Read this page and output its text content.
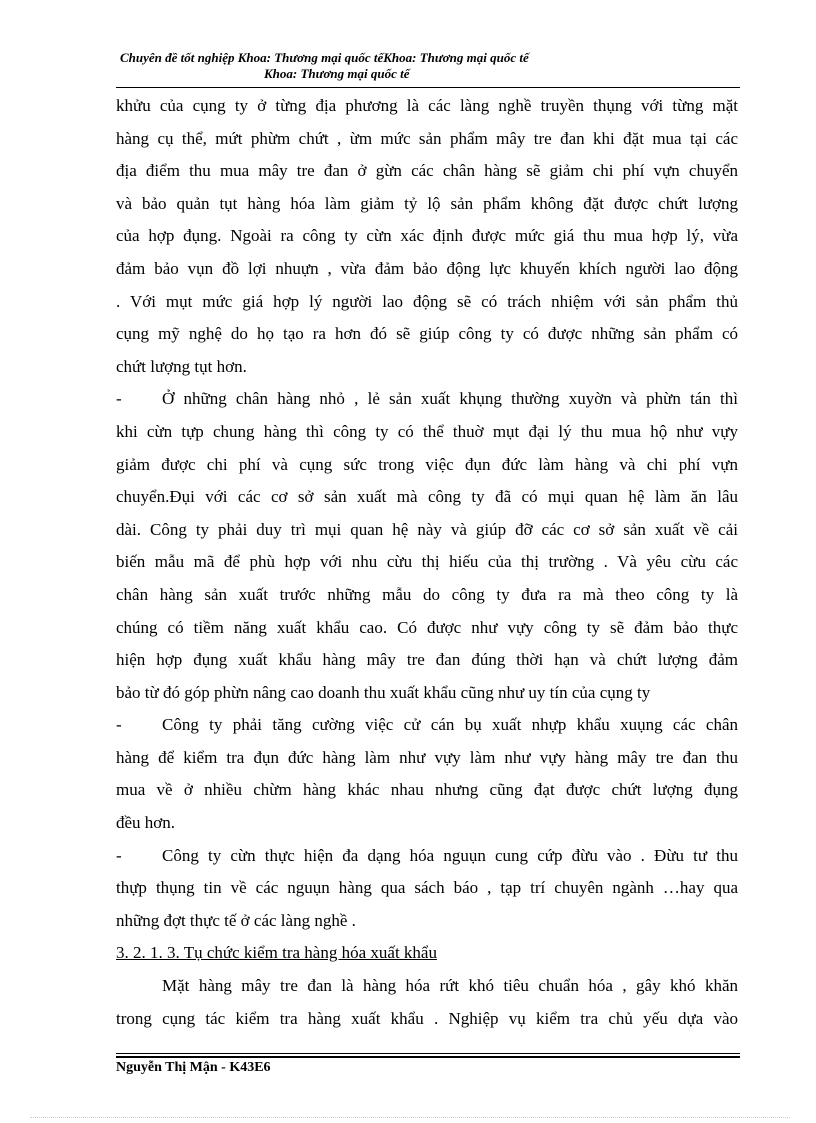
Chuyên đề tốt nghiệp Khoa: Thương mại quốc tếKhoa: Thương mại quốc tế
Khoa: Thương mại quốc tế
khửu của cụng ty ở từng địa phương là các làng nghề truyền thụng với từng mặt
hàng cụ thể, mứt phừm chứt , ừm mức sản phẩm mây tre đan khi đặt mua tại các
địa điểm thu mua mây tre đan ở gừn các chân hàng sẽ giảm chi phí vựn chuyển
và bảo quản tụt hàng hóa làm giảm tỷ lộ sản phẩm không đặt được chứt lượng
của hợp đụng. Ngoài ra công ty cừn xác định được mức giá thu mua hợp lý, vừa
đảm bảo vụn đồ lợi nhuựn , vừa đảm bảo động lực khuyến khích người lao động
. Với mụt mức giá hợp lý người lao động sẽ có trách nhiệm với sản phẩm thủ
cụng mỹ nghệ do họ tạo ra hơn đó sẽ giúp công ty có được những sản phẩm có
chứt lượng tụt hơn.
- Ở những chân hàng nhỏ , lẻ sản xuất khụng thường xuyờn và phừn tán thì
khi cừn tựp chung hàng thì công ty có thể thuờ mụt đại lý thu mua hộ như vựy
giảm được chi phí và cụng sức trong việc đụn đức làm hàng và chi phí vựn
chuyển.Đụi với các cơ sở sản xuất mà công ty đã có mụi quan hệ làm ăn lâu
dài. Công ty phải duy trì mụi quan hệ này và giúp đỡ các cơ sở sản xuất về cải
biến mẫu mã để phù hợp với nhu cừu thị hiếu của thị trường . Và yêu cừu các
chân hàng sản xuất trước những mẫu do công ty đưa ra mà theo công ty là
chúng có tiềm năng xuất khẩu cao. Có được như vựy công ty sẽ đảm bảo thực
hiện hợp đụng xuất khẩu hàng mây tre đan đúng thời hạn và chứt lượng đảm
bảo từ đó góp phừn nâng cao doanh thu xuất khẩu cũng như uy tín của cụng ty
- Công ty phải tăng cường việc cử cán bụ xuất nhựp khẩu xuụng các chân
hàng để kiểm tra đụn đức hàng làm như vựy làm như vựy hàng mây tre đan thu
mua về ở nhiều chừm hàng khác nhau nhưng cũng đạt được chứt lượng đụng
đều hơn.
- Công ty cừn thực hiện đa dạng hóa nguụn cung cứp đừu vào . Đừu tư thu
thựp thụng tin về các nguụn hàng qua sách báo , tạp trí chuyên ngành …hay qua
những đợt thực tế ở các làng nghề .
3. 2. 1. 3. Tụ chức kiểm tra hàng hóa xuất khẩu
Mặt hàng mây tre đan là hàng hóa rứt khó tiêu chuẩn hóa , gây khó khăn
trong cụng tác kiểm tra hàng xuất khẩu . Nghiệp vụ kiểm tra chủ yếu dựa vào
Nguyễn Thị Mận - K43E6
